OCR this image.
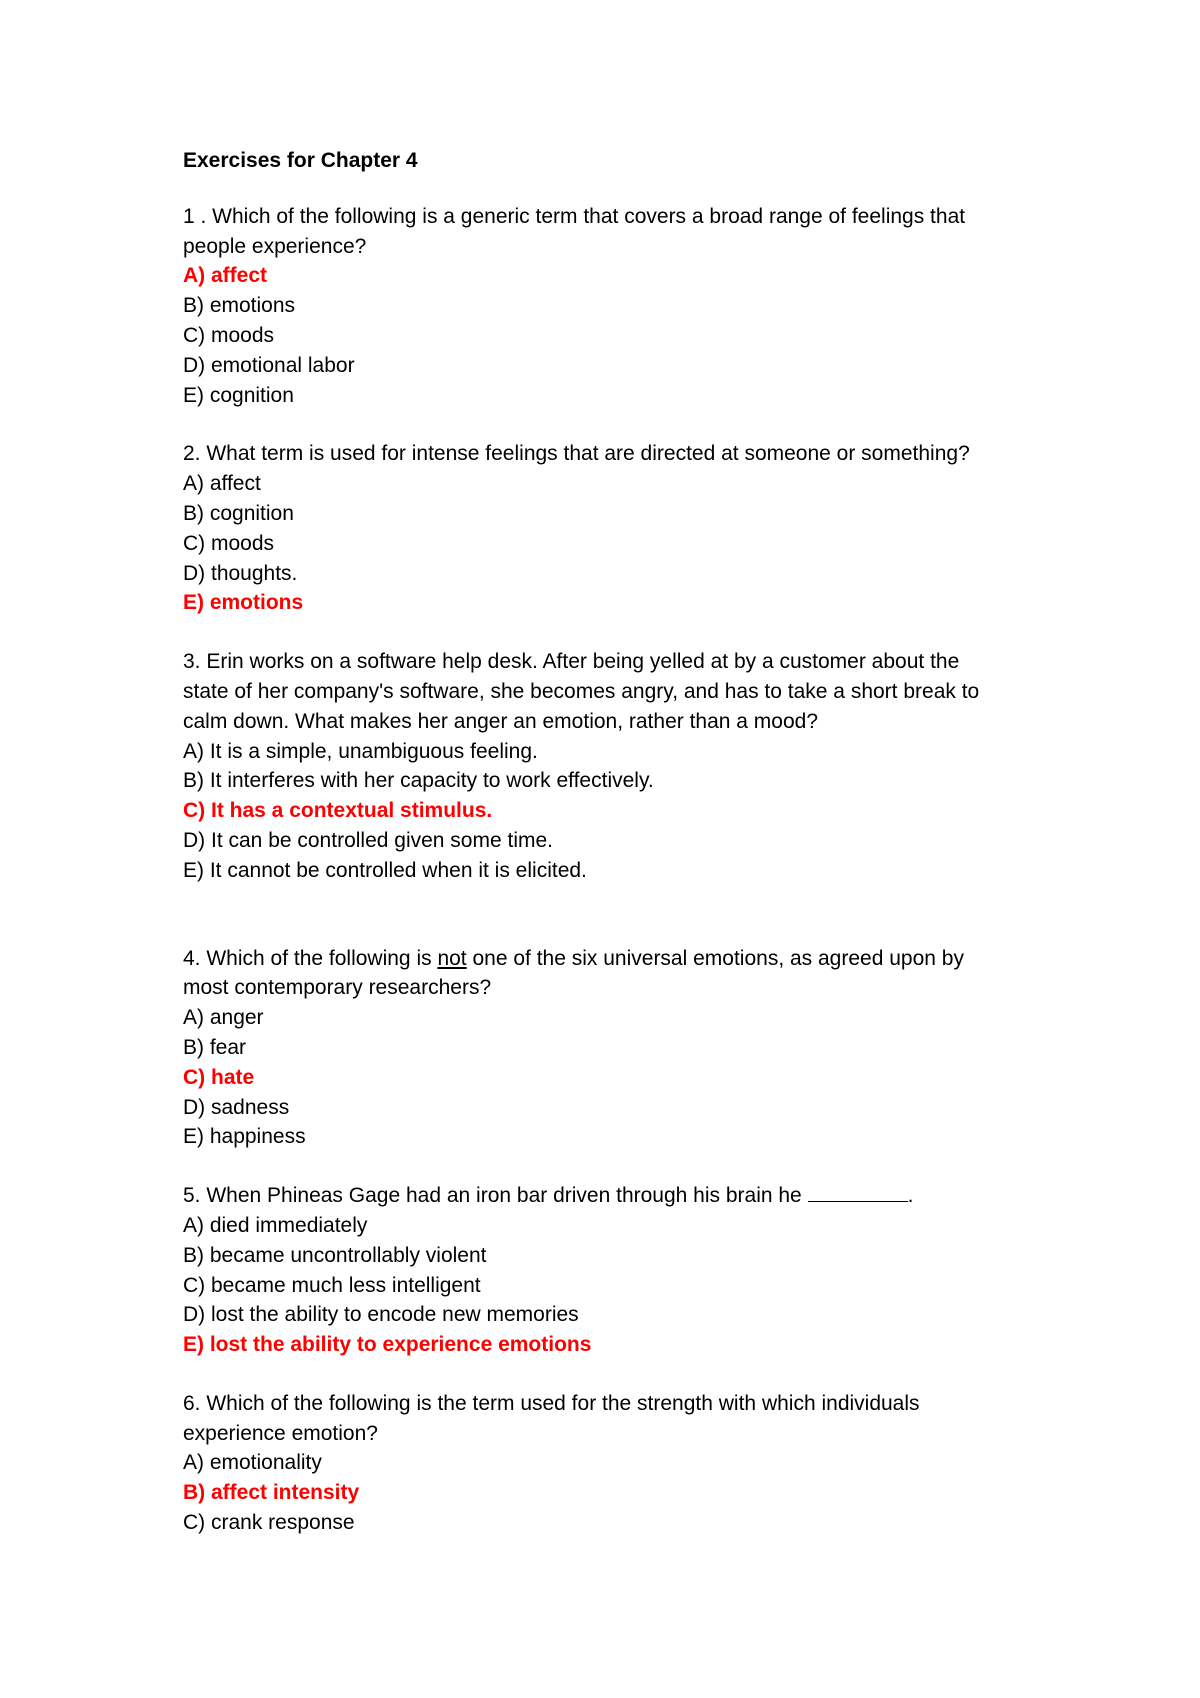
Exercises for Chapter 4
1 . Which of the following is a generic term that covers a broad range of feelings that
people experience?
A) affect
B) emotions
C) moods
D) emotional labor
E) cognition
2. What term is used for intense feelings that are directed at someone or something?
A) affect
B) cognition
C) moods
D) thoughts.
E) emotions
3. Erin works on a software help desk. After being yelled at by a customer about the
state of her company's software, she becomes angry, and has to take a short break to
calm down. What makes her anger an emotion, rather than a mood?
A) It is a simple, unambiguous feeling.
B) It interferes with her capacity to work effectively.
C) It has a contextual stimulus.
D) It can be controlled given some time.
E) It cannot be controlled when it is elicited.
4. Which of the following is not one of the six universal emotions, as agreed upon by
most contemporary researchers?
A) anger
B) fear
C) hate
D) sadness
E) happiness
5. When Phineas Gage had an iron bar driven through his brain he	.
A) died immediately
B) became uncontrollably violent
C) became much less intelligent
D) lost the ability to encode new memories
E) lost the ability to experience emotions
6. Which of the following is the term used for the strength with which individuals
experience emotion?
A) emotionality
B) affect intensity
C) crank response
